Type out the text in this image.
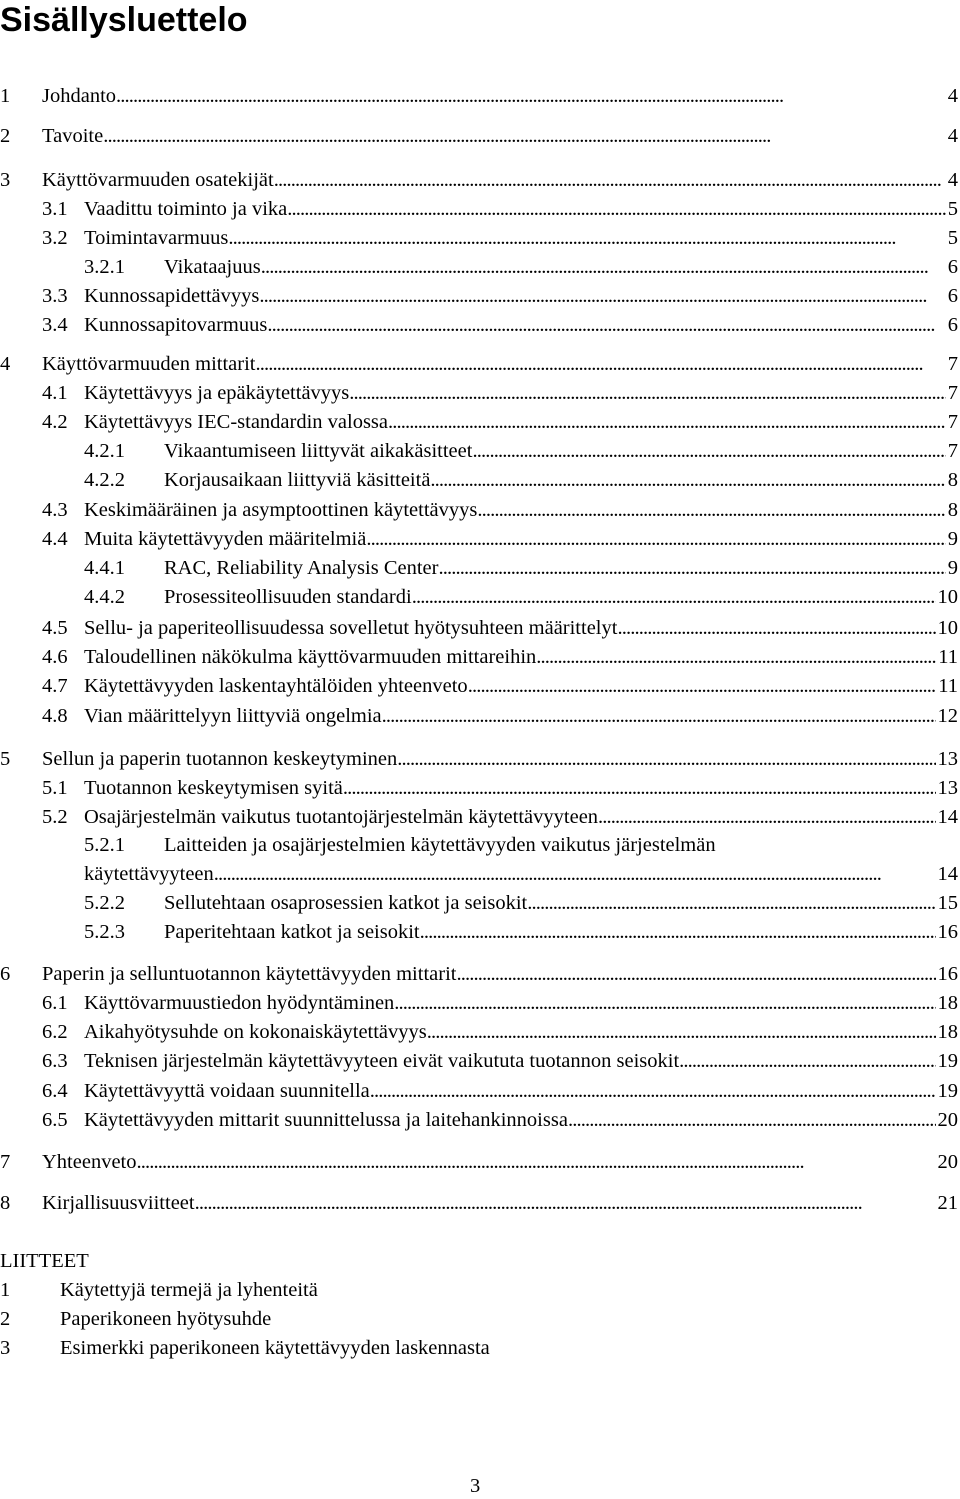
Sisällysluettelo
1 Johdanto . . .	4
2 Tavoite . . .	4
3 Käyttövarmuuden osatekijät . . .	4
3.1 Vaadittu toiminto ja vika . . .	5
3.2 Toimintavarmuus . . .	5
3.2.1 Vikataajuus . . .	6
3.3 Kunnossapidettävyys . . .	6
3.4 Kunnossapitovarmuus . . .	6
4 Käyttövarmuuden mittarit . . .	7
4.1 Käytettävyys ja epäkäytettävyys . . .	7
4.2 Käytettävyys IEC-standardin valossa . . .	7
4.2.1 Vikaantumiseen liittyvät aikakäsitteet . . .	7
4.2.2 Korjausaikaan liittyviä käsitteitä . . .	8
4.3 Keskimääräinen ja asymptoottinen käytettävyys . . .	8
4.4 Muita käytettävyyden määritelmiä . . .	9
4.4.1 RAC, Reliability Analysis Center . . .	9
4.4.2 Prosessiteollisuuden standardi . . .	10
4.5 Sellu- ja paperiteollisuudessa sovelletut hyötysuhteen määrittelyt . . .	10
4.6 Taloudellinen näkökulma käyttövarmuuden mittareihin . . .	11
4.7 Käytettävyyden laskentayhtälöiden yhteenveto . . .	11
4.8 Vian määrittelyyn liittyviä ongelmia . . .	12
5 Sellun ja paperin tuotannon keskeytyminen . . .	13
5.1 Tuotannon keskeytymisen syitä . . .	13
5.2 Osajärjestelmän vaikutus tuotantojärjestelmän käytettävyyteen . . .	14
5.2.1 Laitteiden ja osajärjestelmien käytettävyyden vaikutus järjestelmän
käytettävyyteen . . .	14
5.2.2 Sellutehtaan osaprosessien katkot ja seisokit . . .	15
5.2.3 Paperitehtaan katkot ja seisokit . . .	16
6 Paperin ja selluntuotannon käytettävyyden mittarit . . .	16
6.1 Käyttövarmuustiedon hyödyntäminen . . .	18
6.2 Aikahyötysuhde on kokonaiskäytettävyys . . .	18
6.3 Teknisen järjestelmän käytettävyyteen eivät vaikututa tuotannon seisokit . . .	19
6.4 Käytettävyyttä voidaan suunnitella . . .	19
6.5 Käytettävyyden mittarit suunnittelussa ja laitehankinnoissa . . .	20
7 Yhteenveto . . .	20
8 Kirjallisuusviitteet . . .	21
LIITTEET
1 Käytettyjä termejä ja lyhenteitä
2 Paperikoneen hyötysuhde
3 Esimerkki paperikoneen käytettävyyden laskennasta
3
